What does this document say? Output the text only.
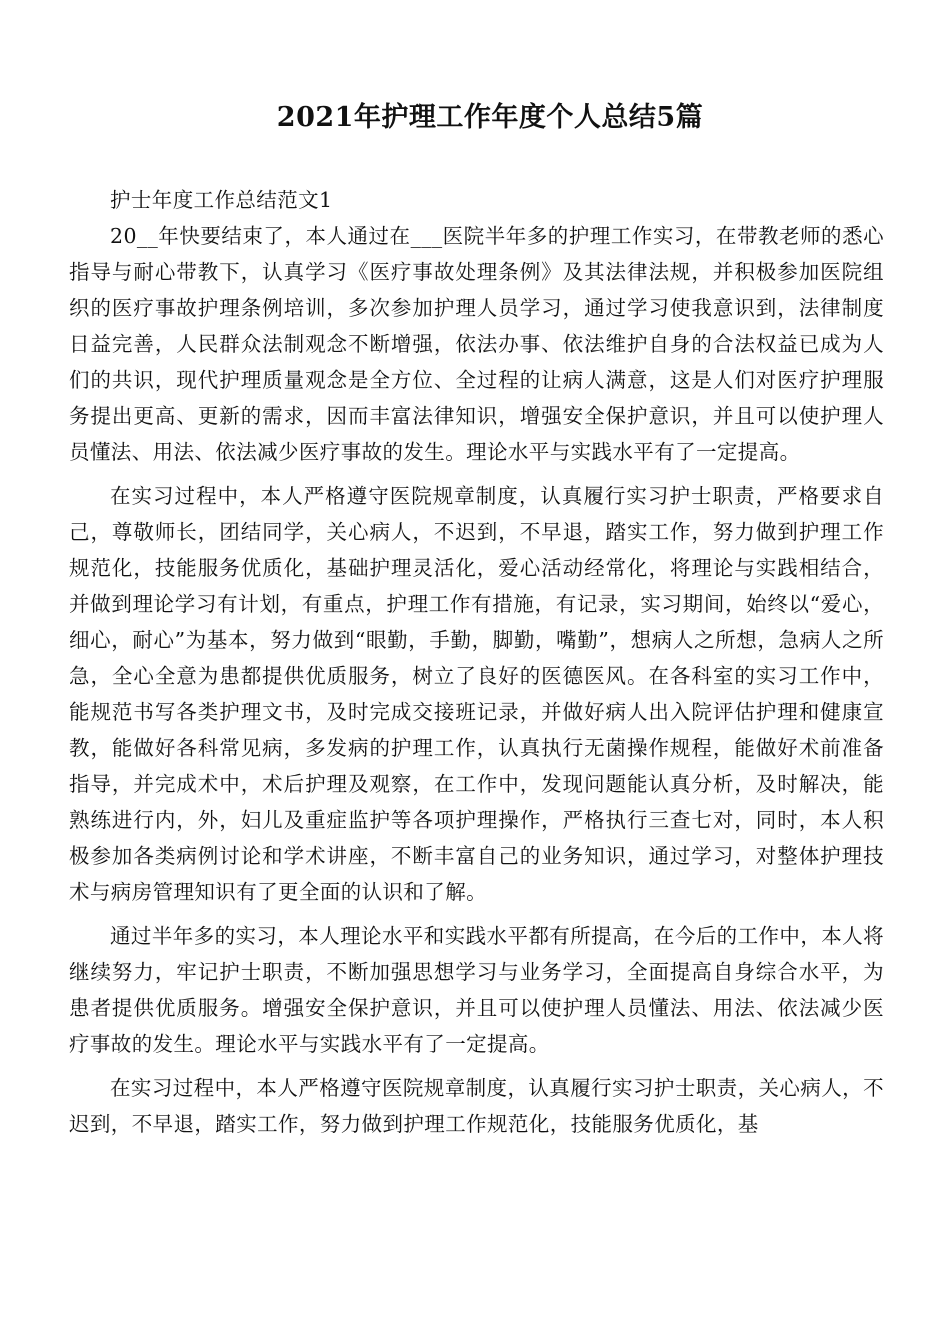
2021年护理工作年度个人总结5篇

护士年度工作总结范文1

20__年快要结束了，本人通过在___医院半年多的护理工作实习，在带教老师的悉心指导与耐心带教下，认真学习《医疗事故处理条例》及其法律法规，并积极参加医院组织的医疗事故护理条例培训，多次参加护理人员学习，通过学习使我意识到，法律制度日益完善，人民群众法制观念不断增强，依法办事、依法维护自身的合法权益已成为人们的共识，现代护理质量观念是全方位、全过程的让病人满意，这是人们对医疗护理服务提出更高、更新的需求，因而丰富法律知识，增强安全保护意识，并且可以使护理人员懂法、用法、依法减少医疗事故的发生。理论水平与实践水平有了一定提高。

在实习过程中，本人严格遵守医院规章制度，认真履行实习护士职责，严格要求自己，尊敬师长，团结同学，关心病人，不迟到，不早退，踏实工作，努力做到护理工作规范化，技能服务优质化，基础护理灵活化，爱心活动经常化，将理论与实践相结合，并做到理论学习有计划，有重点，护理工作有措施，有记录，实习期间，始终以“爱心，细心，耐心”为基本，努力做到“眼勤，手勤，脚勤，嘴勤”，想病人之所想，急病人之所急，全心全意为患都提供优质服务，树立了良好的医德医风。在各科室的实习工作中，能规范书写各类护理文书，及时完成交接班记录，并做好病人出入院评估护理和健康宣教，能做好各科常见病，多发病的护理工作，认真执行无菌操作规程，能做好术前准备指导，并完成术中，术后护理及观察，在工作中，发现问题能认真分析，及时解决，能熟练进行内，外，妇儿及重症监护等各项护理操作，严格执行三查七对，同时，本人积极参加各类病例讨论和学术讲座，不断丰富自己的业务知识，通过学习，对整体护理技术与病房管理知识有了更全面的认识和了解。

通过半年多的实习，本人理论水平和实践水平都有所提高，在今后的工作中，本人将继续努力，牢记护士职责，不断加强思想学习与业务学习，全面提高自身综合水平，为患者提供优质服务。增强安全保护意识，并且可以使护理人员懂法、用法、依法减少医疗事故的发生。理论水平与实践水平有了一定提高。

在实习过程中，本人严格遵守医院规章制度，认真履行实习护士职责，关心病人，不迟到，不早退，踏实工作，努力做到护理工作规范化，技能服务优质化，基
